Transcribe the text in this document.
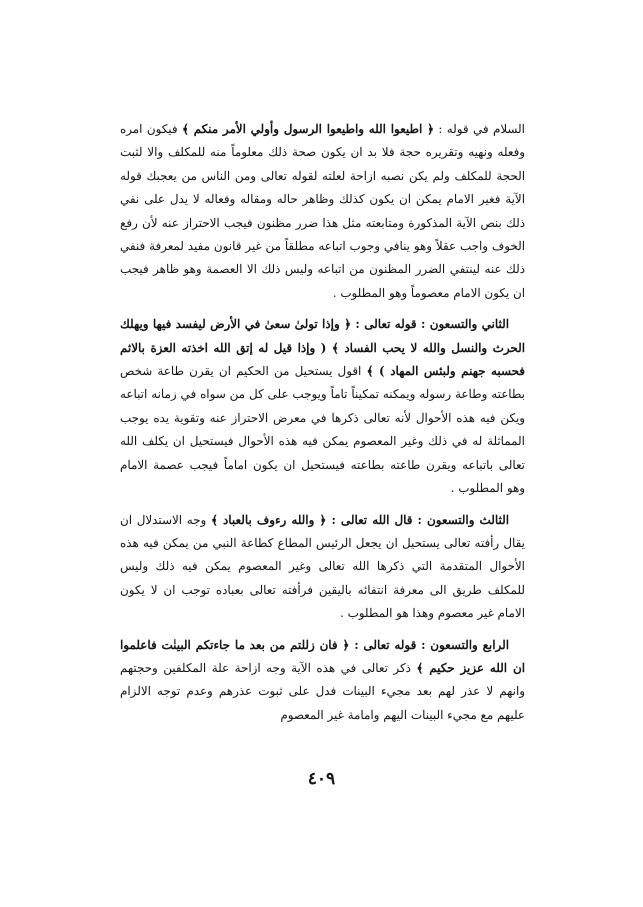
السلام في قوله : ﴿ اطيعوا الله واطيعوا الرسول وأولي الأمر منكم ﴾ فيكون امره وفعله ونهيه وتقريره حجة فلا بد ان يكون صحة ذلك معلوماً منه للمكلف والا لثبت الحجة للمكلف ولم يكن نصبه ازاحة لعلته لقوله تعالى ومن الناس من يعجبك قوله الآية فغير الامام يمكن ان يكون كذلك وظاهر حاله ومقاله وفعاله لا يدل على نفي ذلك بنص الآية المذكورة ومتابعته مثل هذا ضرر مظنون فيجب الاحتراز عنه لأن رفع الخوف واجب عقلاً وهو ينافي وجوب اتباعه مطلقاً من غير قانون مفيد لمعرفة فنفي ذلك عنه لينتفي الضرر المظنون من اتباعه وليس ذلك الا العصمة وهو ظاهر فيجب ان يكون الامام معصوماً وهو المطلوب .

الثاني والتسعون : قوله تعالى : ﴿ وإذا تولىٰ سعىٰ في الأرض ليفسد فيها ويهلك الحرث والنسل والله لا يحب الفساد ﴾ ( وإذا قيل له إتق الله اخذته العزة بالاثم فحسبه جهنم ولبئس المهاد ) ﴾ اقول يستحيل من الحكيم ان يقرن طاعة شخص بطاعته وطاعة رسوله ويمكنه تمكيناً تاماً ويوجب على كل من سواه في زمانه اتباعه ويكن فيه هذه الأحوال لأنه تعالى ذكرها في معرض الاحتراز عنه وتقوية يده يوجب المماثلة له في ذلك وغير المعصوم يمكن فيه هذه الأحوال فيستحيل ان يكلف الله تعالى باتباعه ويقرن طاعته بطاعته فيستحيل ان يكون اماماً فيجب عصمة الامام وهو المطلوب .

الثالث والتسعون : قال الله تعالى : ﴿ والله رءوف بالعباد ﴾ وجه الاستدلال ان يقال رأفته تعالى يستحيل ان يجعل الرئيس المطاع كطاعة النبي من يمكن فيه هذه الأحوال المتقدمة التي ذكرها الله تعالى وغير المعصوم يمكن فيه ذلك وليس للمكلف طريق الى معرفة انتفائه باليقين فرأفته تعالى بعباده توجب ان لا يكون الامام غير معصوم وهذا هو المطلوب .

الرابع والتسعون : قوله تعالى : ﴿ فان زللتم من بعد ما جاءتكم البينٰت فاعلموا ان الله عزيز حكيم ﴾ ذكر تعالى في هذه الآية وجه ازاحة علة المكلفين وحجتهم وانهم لا عذر لهم بعد مجيء البينات فدل على ثبوت عذرهم وعدم توجه الالزام عليهم مع مجيء البينات اليهم وامامة غير المعصوم

٤٠٩
